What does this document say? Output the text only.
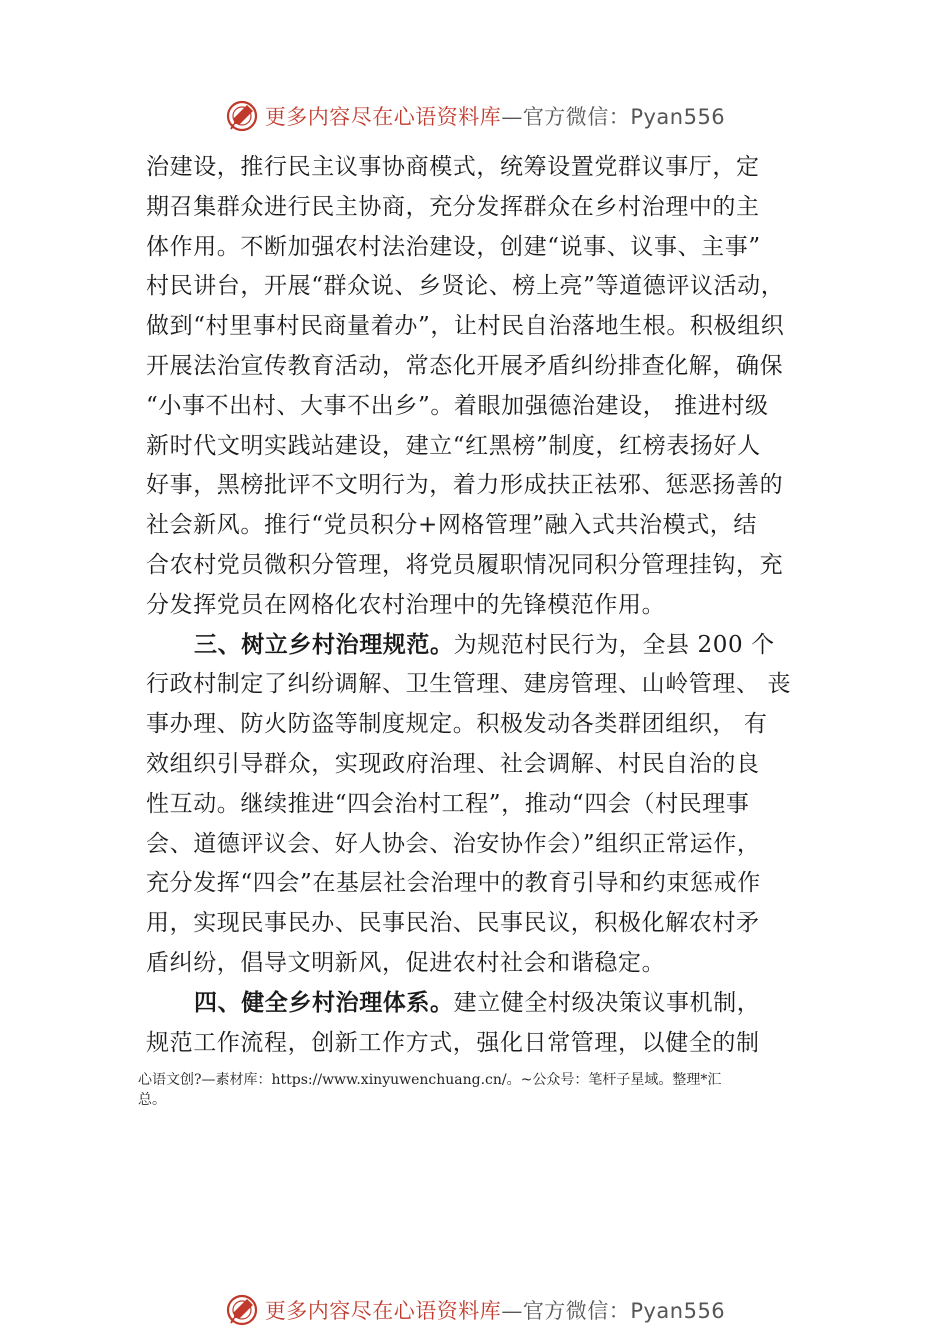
更多内容尽在心语资料库—官方微信：Pyan556
治建设，推行民主议事协商模式，统筹设置党群议事厅，定
期召集群众进行民主协商，充分发挥群众在乡村治理中的主
体作用。不断加强农村法治建设，创建“说事、议事、主事”
村民讲台，开展“群众说、乡贤论、榜上亮”等道德评议活动，
做到“村里事村民商量着办”，让村民自治落地生根。积极组织
开展法治宣传教育活动，常态化开展矛盾纠纷排查化解，确保
“小事不出村、大事不出乡”。着眼加强德治建设， 推进村级
新时代文明实践站建设，建立“红黑榜”制度，红榜表扬好人
好事，黑榜批评不文明行为，着力形成扶正祛邪、惩恶扬善的
社会新风。推行“党员积分+网格管理”融入式共治模式，结
合农村党员微积分管理，将党员履职情况同积分管理挂钩，充
分发挥党员在网格化农村治理中的先锋模范作用。
三、树立乡村治理规范。为规范村民行为，全县 200 个
行政村制定了纠纷调解、卫生管理、建房管理、山岭管理、 丧
事办理、防火防盗等制度规定。积极发动各类群团组织， 有
效组织引导群众，实现政府治理、社会调解、村民自治的良
性互动。继续推进“四会治村工程”，推动“四会（村民理事
会、道德评议会、好人协会、治安协作会）”组织正常运作，
充分发挥“四会”在基层社会治理中的教育引导和约束惩戒作
用，实现民事民办、民事民治、民事民议，积极化解农村矛
盾纠纷，倡导文明新风，促进农村社会和谐稳定。
四、健全乡村治理体系。建立健全村级决策议事机制，
规范工作流程，创新工作方式，强化日常管理，以健全的制
心语文创?—素材库：https://www.xinyuwenchuang.cn/。~公众号：笔杆子星域。整理*汇
总。
更多内容尽在心语资料库—官方微信：Pyan556
